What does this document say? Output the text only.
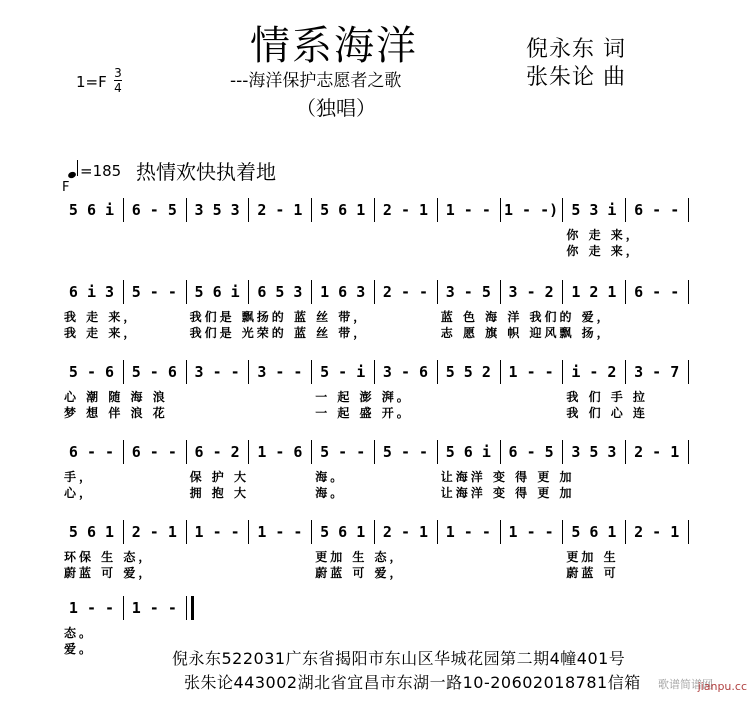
情系海洋
---海洋保护志愿者之歌
（独唱）
倪永东 词
张朱论 曲
1=F 3
4
=185 热情欢快执着地
F
5 6 i	6 - 5	3 5 3	2 - 1	5 6 1	2 - 1	1 - - 1 - -) 5 3 i	6 - -
你 走 来，
你 走 来，
6 i 3	5 - -	5 6 i	6 5 3	1 6 3	2 - -	3 - 5	3 - 2	1 2 1	6 - -
我 走 来，	我们是 飘扬的 蓝 丝 带，	蓝 色 海 洋 我们的 爱，
我 走 来，	我们是 光荣的 蓝 丝 带，	志 愿 旗 帜 迎风飘 扬，
5 - 6	5 - 6	3 - -	3 - -	5 - i	3 - 6	5 5 2	1 - -	i - 2	3 - 7
心 潮 随 海 浪	一 起 澎 湃。	我 们 手 拉
梦 想 伴 浪 花	一 起 盛 开。	我 们 心 连
6 - -	6 - -	6 - 2	1 - 6	5 - -	5 - -	5 6 i	6 - 5	3 5 3	2 - 1
手，	保 护 大	海。	让海洋 变 得 更 加
心，	拥 抱 大	海。	让海洋 变 得 更 加
5 6 1	2 - 1	1 - -	1 - -	5 6 1	2 - 1	1 - -	1 - -	5 6 1	2 - 1
环保 生 态，	更加 生 态，	更加 生
蔚蓝 可 爱，	蔚蓝 可 爱，	蔚蓝 可
1 - -	1 - -
态。
爱。	倪永东522031广东省揭阳市东山区华城花园第二期4幢401号
张朱论443002湖北省宜昌市东湖一路10-20602018781信箱 歌谱简谱网
jianpu.cc
